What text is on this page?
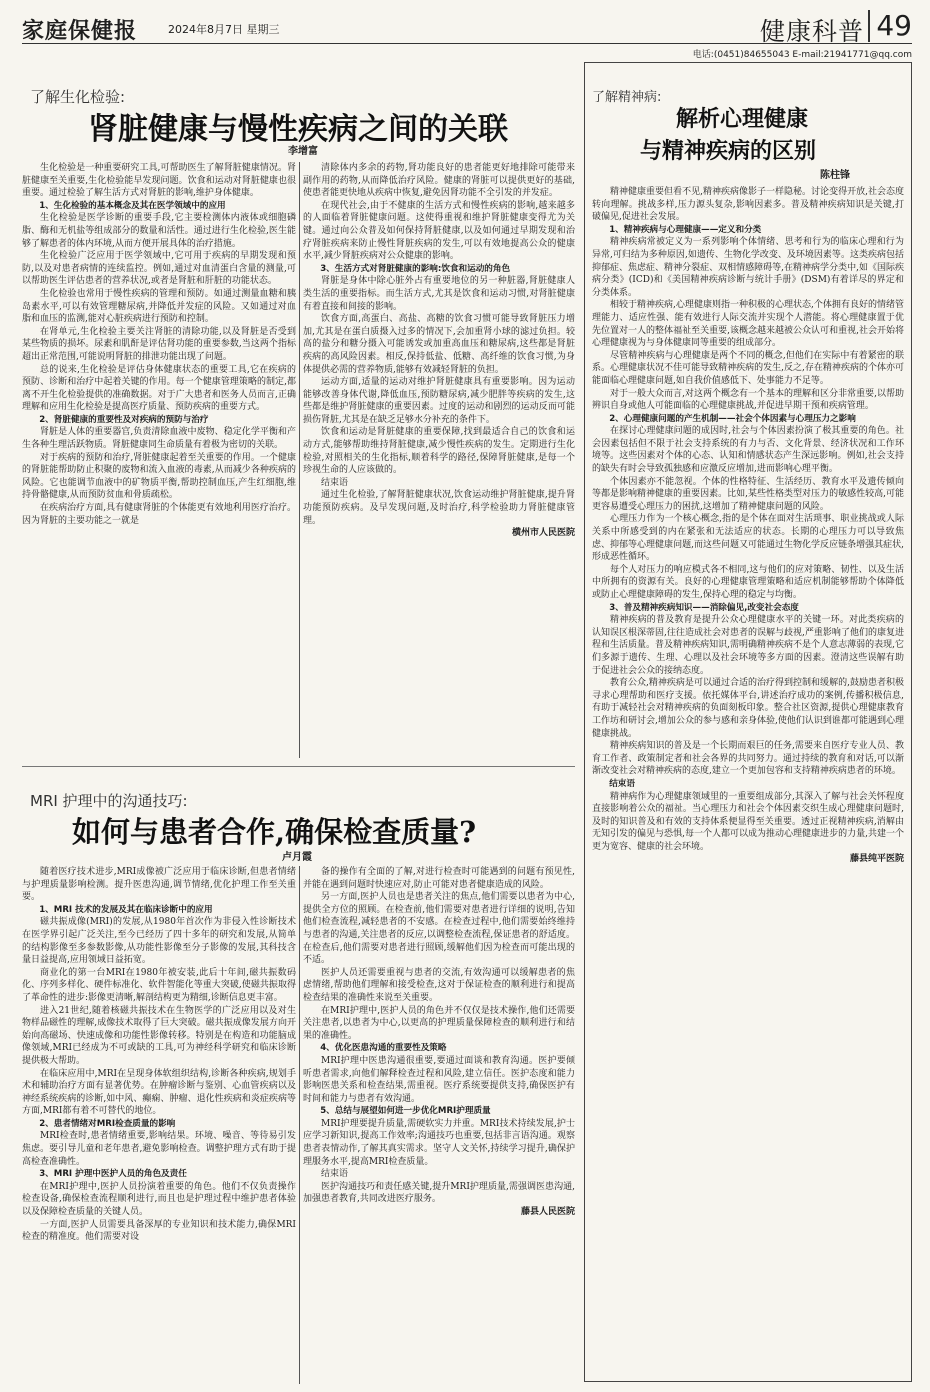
家庭保健报	2024年8月7日 星期三	健康科普 49
电话:(0451)84655043 E-mail:21941771@qq.com
了解生化检验:
肾脏健康与慢性疾病之间的关联
李增富

生化检验是一种重要研究工具,可帮助医生了解肾脏健康情况。肾脏健康至关重要,生化检验能早发现问题。饮食和运动对肾脏健康也很重要。通过检验了解生活方式对肾脏的影响,维护身体健康。

1、生化检验的基本概念及其在医学领域中的应用

生化检验是医学诊断的重要手段,它主要检测体内液体或细胞磷脂、酶和无机盐等组成部分的数量和活性。通过进行生化检验,医生能够了解患者的体内环境,从而方便开展具体的治疗措施。

生化检验广泛应用于医学领域中,它可用于疾病的早期发现和预防,以及对患者病情的连续监控。例如,通过对血清蛋白含量的测量,可以帮助医生评估患者的营养状况,或者是肾脏和肝脏的功能状态。

生化检验也常用于慢性疾病的管理和预防。如通过测量血糖和胰岛素水平,可以有效管理糖尿病,并降低并发症的风险。又如通过对血脂和血压的监测,能对心脏疾病进行预防和控制。

在肾单元,生化检验主要关注肾脏的清除功能,以及肾脏是否受到某些物质的损坏。尿素和肌酐是评估肾功能的重要参数,当这两个指标超出正常范围,可能说明肾脏的排泄功能出现了问题。

总的说来,生化检验是评估身体健康状态的重要工具,它在疾病的预防、诊断和治疗中起着关键的作用。每一个健康管理策略的制定,都离不开生化检验提供的准确数据。对于广大患者和医务人员而言,正确理解和应用生化检验是提高医疗质量、预防疾病的重要方式。

2、肾脏健康的重要性及对疾病的预防与治疗

肾脏是人体的重要器官,负责清除血液中废物、稳定化学平衡和产生各种生理活跃物质。肾脏健康同生命质量有着极为密切的关联。

对于疾病的预防和治疗,肾脏健康起着至关重要的作用。一个健康的肾脏能帮助防止积聚的废物和流入血液的毒素,从而减少各种疾病的风险。它也能调节血液中的矿物质平衡,帮助控制血压,产生红细胞,维持骨骼健康,从而预防贫血和骨质疏松。

在疾病治疗方面,具有健康肾脏的个体能更有效地利用医疗治疗。因为肾脏的主要功能之一就是

清除体内多余的药物,肾功能良好的患者能更好地排除可能带来副作用的药物,从而降低治疗风险。健康的肾脏可以提供更好的基础,使患者能更快地从疾病中恢复,避免因肾功能不全引发的并发症。

在现代社会,由于不健康的生活方式和慢性疾病的影响,越来越多的人面临着肾脏健康问题。这使得重视和维护肾脏健康变得尤为关键。通过向公众普及如何保持肾脏健康,以及如何通过早期发现和治疗肾脏疾病来防止慢性肾脏疾病的发生,可以有效地提高公众的健康水平,减少肾脏疾病对公众健康的影响。

3、生活方式对肾脏健康的影响:饮食和运动的角色

肾脏是身体中除心脏外占有重要地位的另一种脏器,肾脏健康人类生活的重要指标。而生活方式,尤其是饮食和运动习惯,对肾脏健康有着直接和间接的影响。

饮食方面,高蛋白、高盐、高糖的饮食习惯可能导致肾脏压力增加,尤其是在蛋白质摄入过多的情况下,会加重肾小球的滤过负担。较高的盐分和糖分摄入可能诱发或加重高血压和糖尿病,这些都是肾脏疾病的高风险因素。相反,保持低盐、低糖、高纤维的饮食习惯,为身体提供必需的营养物质,能够有效减轻肾脏的负担。

运动方面,适量的运动对维护肾脏健康具有重要影响。因为运动能够改善身体代谢,降低血压,预防糖尿病,减少肥胖等疾病的发生,这些都是维护肾脏健康的重要因素。过度的运动和剧烈的运动反而可能损伤肾脏,尤其是在缺乏足够水分补充的条件下。

饮食和运动是肾脏健康的重要保障,找到最适合自己的饮食和运动方式,能够帮助维持肾脏健康,减少慢性疾病的发生。定期进行生化检验,对照相关的生化指标,顺着科学的路径,保障肾脏健康,是每一个珍视生命的人应该做的。

结束语

通过生化检验,了解肾脏健康状况,饮食运动维护肾脏健康,提升肾功能预防疾病。及早发现问题,及时治疗,科学检验助力肾脏健康管理。

横州市人民医院

MRI 护理中的沟通技巧:
如何与患者合作,确保检查质量?
卢月霞

随着医疗技术进步,MRI成像被广泛应用于临床诊断,但患者情绪与护理质量影响检测。提升医患沟通,调节情绪,优化护理工作至关重要。

1、MRI 技术的发展及其在临床诊断中的应用

磁共振成像(MRI)的发展,从1980年首次作为非侵入性诊断技术在医学界引起广泛关注,至今已经历了四十多年的研究和发展,从简单的结构影像至多参数影像,从功能性影像至分子影像的发展,其科技含量日益提高,应用领域日益拓宽。

商业化的第一台MRI在1980年被安装,此后十年间,磁共振数码化、序列多样化、硬件标准化、软件智能化等重大突破,使磁共振取得了革命性的进步:影像更清晰,解剖结构更为精细,诊断信息更丰富。

进入21世纪,随着核磁共振技术在生物医学的广泛应用以及对生物样品磁性的理解,成像技术取得了巨大突破。磁共振成像发展方向开始向高磁场、快速成像和功能性影像转移。特别是在构造和功能脑成像领域,MRI已经成为不可或缺的工具,可为神经科学研究和临床诊断提供极大帮助。

在临床应用中,MRI在呈现身体软组织结构,诊断各种疾病,规划手术和辅助治疗方面有显著优势。在肿瘤诊断与鉴别、心血管疾病以及神经系统疾病的诊断,如中风、癫痫、肿瘤、退化性疾病和炎症疾病等方面,MRI都有着不可替代的地位。

2、患者情绪对MRI检查质量的影响

MRI检查时,患者情绪重要,影响结果。环境、噪音、等待易引发焦虑。要引导儿童和老年患者,避免影响检查。调整护理方式有助于提高检查准确性。

3、MRI 护理中医护人员的角色及责任

在MRI护理中,医护人员扮演着重要的角色。他们不仅负责操作检查设备,确保检查流程顺利进行,而且也是护理过程中维护患者体验以及保障检查质量的关键人员。

一方面,医护人员需要具备深厚的专业知识和技术能力,确保MRI检查的精准度。他们需要对设

备的操作有全面的了解,对进行检查时可能遇到的问题有预见性,并能在遇到问题时快速应对,防止可能对患者健康造成的风险。

另一方面,医护人员也是患者关注的焦点,他们需要以患者为中心,提供全方位的照顾。在检查前,他们需要对患者进行详细的说明,告知他们检查流程,减轻患者的不安感。在检查过程中,他们需要始终维持与患者的沟通,关注患者的反应,以调整检查流程,保证患者的舒适度。在检查后,他们需要对患者进行照顾,缓解他们因为检查而可能出现的不适。

医护人员还需要重视与患者的交流,有效沟通可以缓解患者的焦虑情绪,帮助他们理解和接受检查,这对于保证检查的顺利进行和提高检查结果的准确性来说至关重要。

在MRI护理中,医护人员的角色并不仅仅是技术操作,他们还需要关注患者,以患者为中心,以更高的护理质量保障检查的顺利进行和结果的准确性。

4、优化医患沟通的重要性及策略

MRI护理中医患沟通很重要,要通过面谈和教育沟通。医护要倾听患者需求,向他们解释检查过程和风险,建立信任。医护态度和能力影响医患关系和检查结果,需重视。医疗系统要提供支持,确保医护有时间和能力与患者有效沟通。

5、总结与展望如何进一步优化MRI护理质量

MRI护理要提升质量,需硬软实力并重。MRI技术持续发展,护士应学习新知识,提高工作效率;沟通技巧也重要,包括非言语沟通。观察患者表情动作,了解其真实需求。坚守人文关怀,持续学习提升,确保护理服务水平,提高MRI检查质量。

结束语

医护沟通技巧和责任感关键,提升MRI护理质量,需强调医患沟通,加强患者教育,共同改进医疗服务。

藤县人民医院

了解精神病:
解析心理健康
与精神疾病的区别
陈柱锋

精神健康重要但看不见,精神疾病像影子一样隐秘。讨论变得开放,社会态度转向理解。挑战多样,压力源头复杂,影响因素多。普及精神疾病知识是关键,打破偏见,促进社会发展。

1、精神疾病与心理健康——定义和分类

精神疾病常被定义为一系列影响个体情绪、思考和行为的临床心理和行为异常,可归结为多种原因,如遗传、生物化学改变、及环境因素等。这类疾病包括抑郁症、焦虑症、精神分裂症、双相情感障碍等,在精神病学分类中,如《国际疾病分类》(ICD)和《美国精神疾病诊断与统计手册》(DSM)有着详尽的界定和分类体系。

相较于精神疾病,心理健康则指一种积极的心理状态,个体拥有良好的情绪管理能力、适应性强、能有效进行人际交流并实现个人潜能。将心理健康置于优先位置对一人的整体福祉至关重要,该概念越来越被公众认可和重视,社会开始将心理健康视为与身体健康同等重要的组成部分。

尽管精神疾病与心理健康是两个不同的概念,但他们在实际中有着紧密的联系。心理健康状况不佳可能导致精神疾病的发生,反之,存在精神疾病的个体亦可能面临心理健康问题,如自我价值感低下、处事能力不足等。

对于一般大众而言,对这两个概念有一个基本的理解和区分非常重要,以帮助辨识自身或他人可能面临的心理健康挑战,并促进早期干预和疾病管理。

2、心理健康问题的产生机制——社会个体因素与心理压力之影响

在探讨心理健康问题的成因时,社会与个体因素扮演了极其重要的角色。社会因素包括但不限于社会支持系统的有力与否、文化背景、经济状况和工作环境等。这些因素对个体的心态、认知和情感状态产生深远影响。例如,社会支持的缺失有时会导致孤独感和应激反应增加,进而影响心理平衡。

个体因素亦不能忽视。个体的性格特征、生活经历、教育水平及遗传倾向等都是影响精神健康的重要因素。比如,某些性格类型对压力的敏感性较高,可能更容易遭受心理压力的困扰,这增加了精神健康问题的风险。

心理压力作为一个核心概念,指的是个体在面对生活琐事、职业挑战或人际关系中所感受到的内在紧张和无法适应的状态。长期的心理压力可以导致焦虑、抑郁等心理健康问题,而这些问题又可能通过生物化学反应链条增强其症状,形成恶性循环。

每个人对压力的响应模式各不相同,这与他们的应对策略、韧性、以及生活中所拥有的资源有关。良好的心理健康管理策略和适应机制能够帮助个体降低或防止心理健康障碍的发生,保持心理的稳定与均衡。

3、普及精神疾病知识——消除偏见,改变社会态度

精神疾病的普及教育是提升公众心理健康水平的关键一环。对此类疾病的认知误区根深蒂固,往往造成社会对患者的误解与歧视,严重影响了他们的康复进程和生活质量。普及精神疾病知识,需明确精神疾病不是个人意志薄弱的表现,它们多源于遗传、生理、心理以及社会环境等多方面的因素。澄清这些误解有助于促进社会公众的接纳态度。

教育公众,精神疾病是可以通过合适的治疗得到控制和缓解的,鼓励患者积极寻求心理帮助和医疗支援。依托媒体平台,讲述治疗成功的案例,传播积极信息,有助于减轻社会对精神疾病的负面刻板印象。整合社区资源,提供心理健康教育工作坊和研讨会,增加公众的参与感和亲身体验,使他们认识到谁都可能遇到心理健康挑战。

精神疾病知识的普及是一个长期而艰巨的任务,需要来自医疗专业人员、教育工作者、政策制定者和社会各界的共同努力。通过持续的教育和对话,可以渐渐改变社会对精神疾病的态度,建立一个更加包容和支持精神疾病患者的环境。

结束语

精神病作为心理健康领域里的一重要组成部分,其深入了解与社会关怀程度直接影响着公众的福祉。当心理压力和社会个体因素交织生成心理健康问题时,及时的知识普及和有效的支持体系便显得至关重要。透过正视精神疾病,消解由无知引发的偏见与恐惧,每一个人都可以成为推动心理健康进步的力量,共建一个更为宽容、健康的社会环境。

藤县纯平医院
